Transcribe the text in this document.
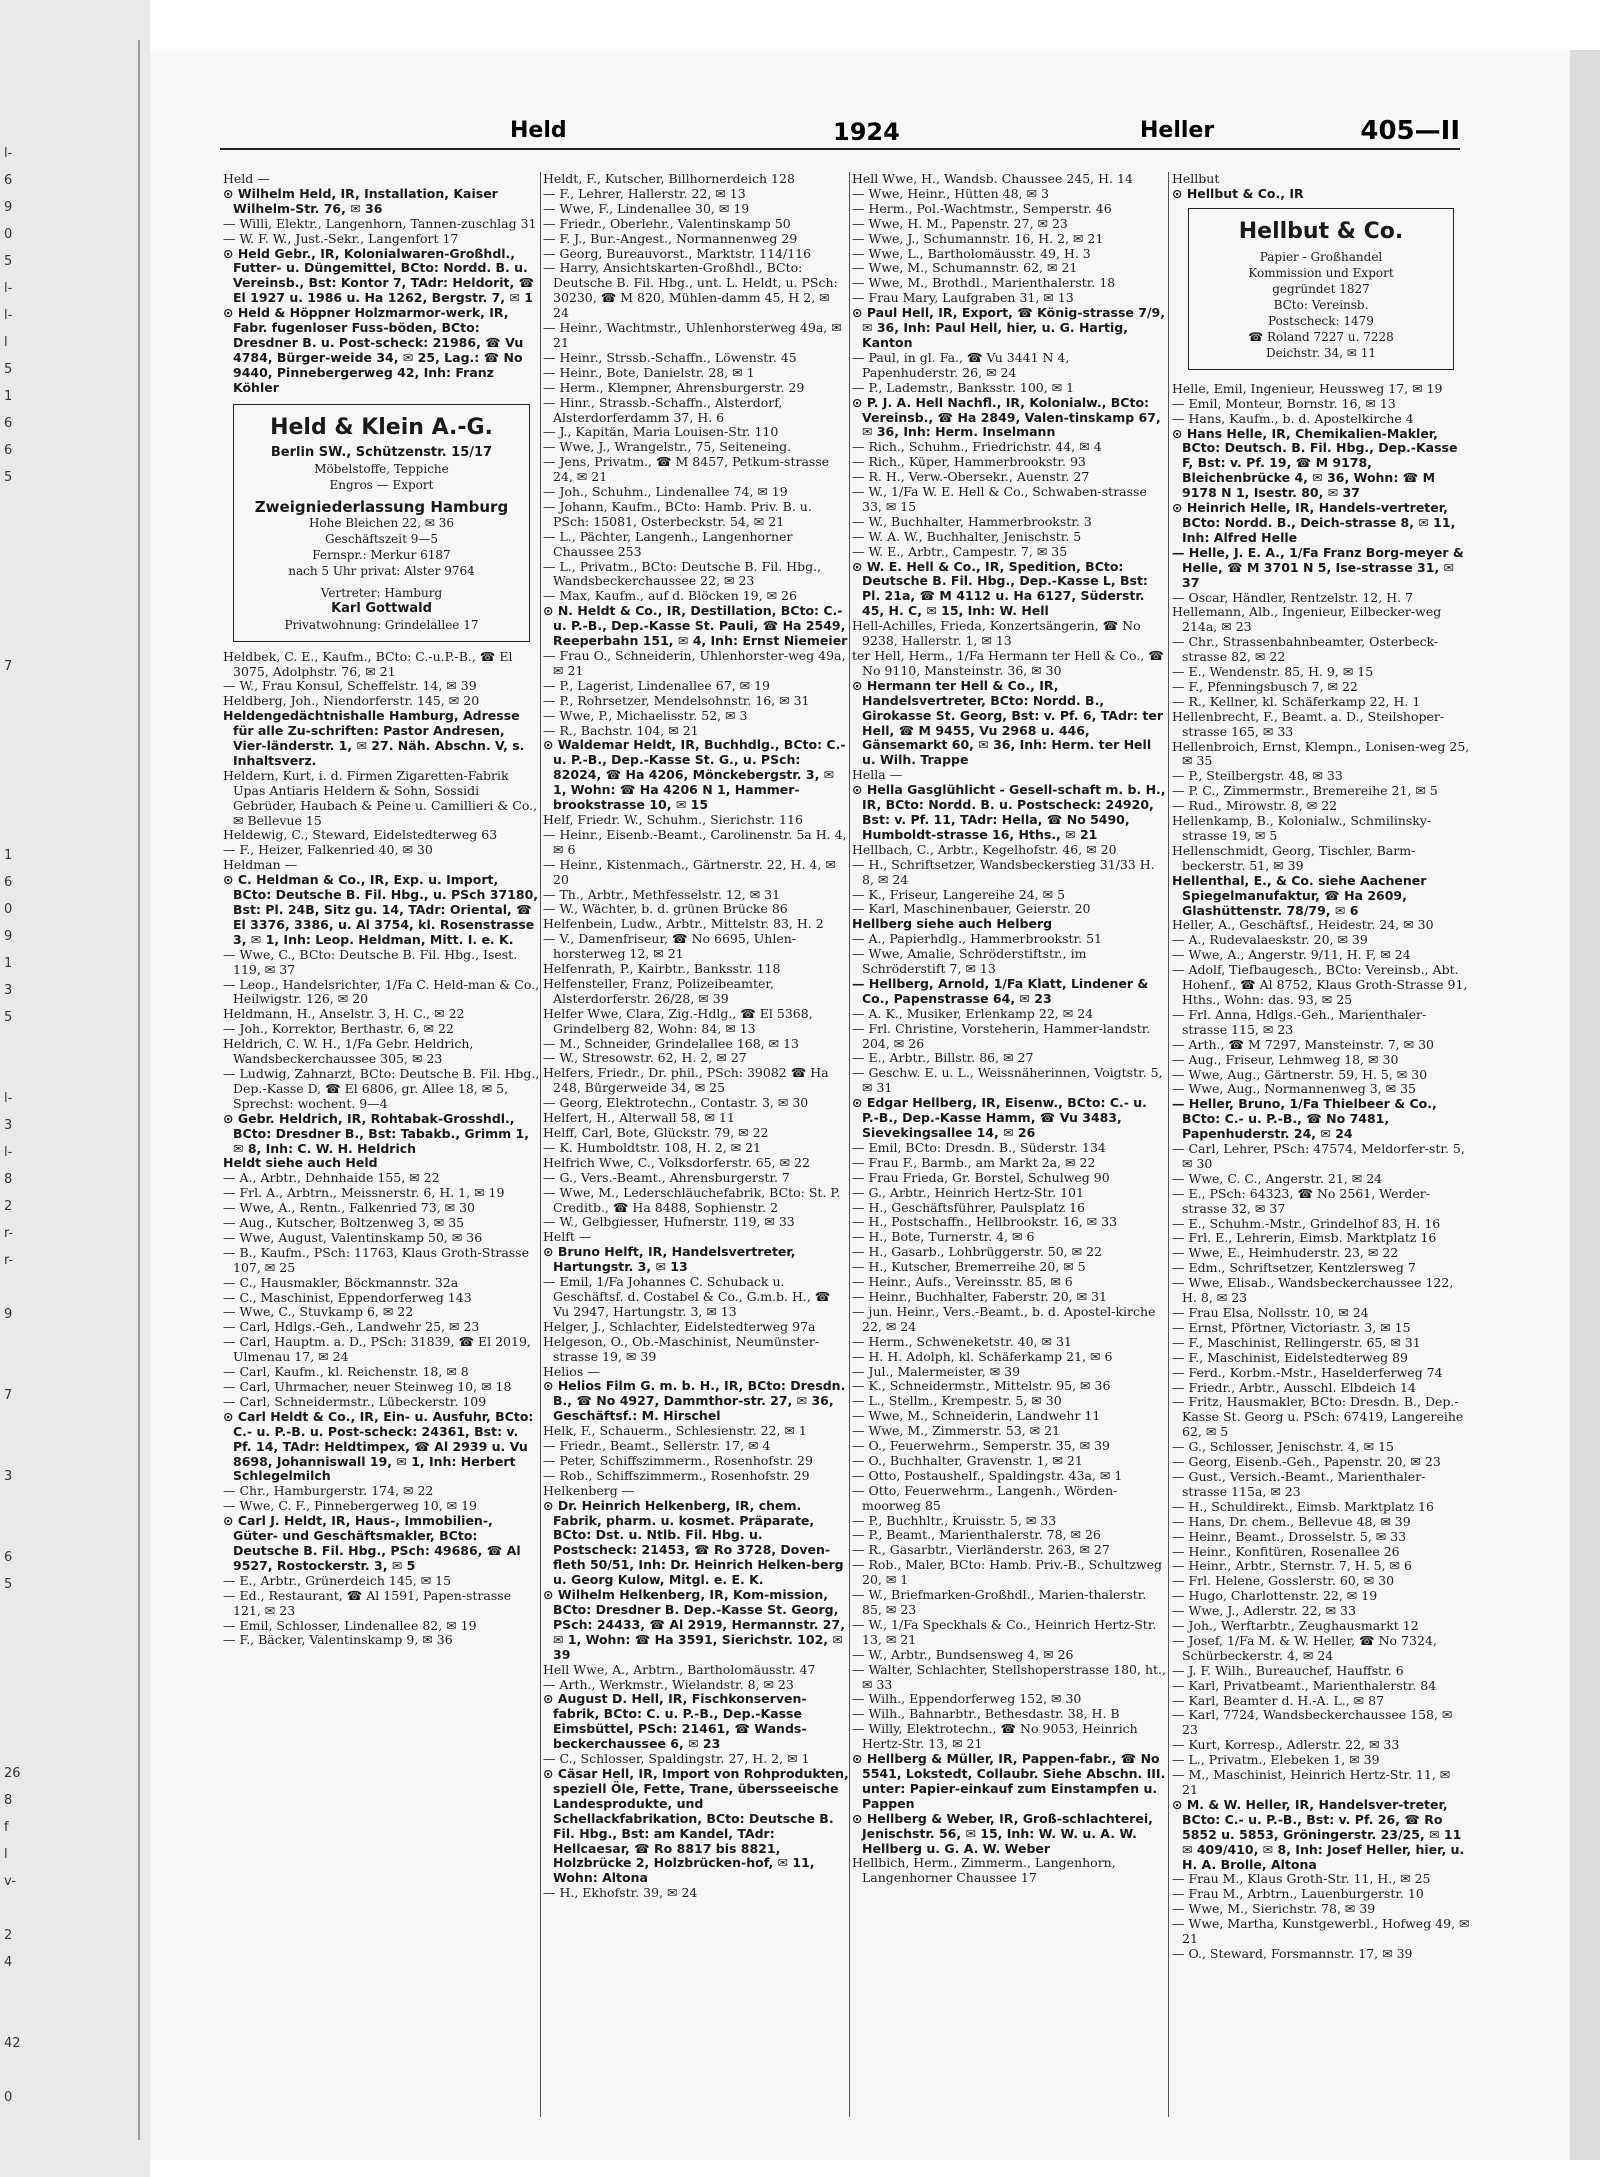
l-
6
9
0
5
l-
l-
l
5
1
6
6
5

7

1
6
0
9
1
3
5

l-
3
l-
8
2
r-
r-

9

7

3

6
5

26
8
f
l
v-

2
4

42

0
Held	1924	Heller	405—II

Held —

⊙ Wilhelm Held, IR, Installation, Kaiser Wilhelm-Str. 76, ✉ 36

— Willi, Elektr., Langenhorn, Tannen-zuschlag 31

— W. F. W., Just.-Sekr., Langenfort 17

⊙ Held Gebr., IR, Kolonialwaren-Großhdl., Futter- u. Düngemittel, BCto: Nordd. B. u. Vereinsb., Bst: Kontor 7, TAdr: Heldorit, ☎ El 1927 u. 1986 u. Ha 1262, Bergstr. 7, ✉ 1

⊙ Held & Höppner Holzmarmor-werk, IR, Fabr. fugenloser Fuss-böden, BCto: Dresdner B. u. Post-scheck: 21986, ☎ Vu 4784, Bürger-weide 34, ✉ 25, Lag.: ☎ No 9440, Pinnebergerweg 42, Inh: Franz Köhler

Held & Klein A.-G.
Berlin SW., Schützenstr. 15/17
Möbelstoffe, Teppiche
Engros — Export
Zweigniederlassung Hamburg
Hohe Bleichen 22, ✉ 36
Geschäftszeit 9—5
Fernspr.: Merkur 6187
nach 5 Uhr privat: Alster 9764
Vertreter: Hamburg
Karl Gottwald
Privatwohnung: Grindelallee 17

Heldbek, C. E., Kaufm., BCto: C.-u.P.-B., ☎ El 3075, Adolphstr. 76, ✉ 21

— W., Frau Konsul, Scheffelstr. 14, ✉ 39

Heldberg, Joh., Niendorferstr. 145, ✉ 20

Heldengedächtnishalle Hamburg, Adresse für alle Zu-schriften: Pastor Andresen, Vier-länderstr. 1, ✉ 27. Näh. Abschn. V, s. Inhaltsverz.

Heldern, Kurt, i. d. Firmen Zigaretten-Fabrik Upas Antiaris Heldern & Sohn, Sossidi Gebrüder, Haubach & Peine u. Camillieri & Co., ✉ Bellevue 15

Heldewig, C., Steward, Eidelstedterweg 63

— F., Heizer, Falkenried 40, ✉ 30

Heldman —

⊙ C. Heldman & Co., IR, Exp. u. Import, BCto: Deutsche B. Fil. Hbg., u. PSch 37180, Bst: Pl. 24B, Sitz gu. 14, TAdr: Oriental, ☎ El 3376, 3386, u. Al 3754, kl. Rosenstrasse 3, ✉ 1, Inh: Leop. Heldman, Mitt. I. e. K.

— Wwe, C., BCto: Deutsche B. Fil. Hbg., Isest. 119, ✉ 37

— Leop., Handelsrichter, 1/Fa C. Held-man & Co., Heilwigstr. 126, ✉ 20

Heldmann, H., Anselstr. 3, H. C., ✉ 22

— Joh., Korrektor, Berthastr. 6, ✉ 22

Heldrich, C. W. H., 1/Fa Gebr. Heldrich, Wandsbeckerchaussee 305, ✉ 23

— Ludwig, Zahnarzt, BCto: Deutsche B. Fil. Hbg., Dep.-Kasse D, ☎ El 6806, gr. Allee 18, ✉ 5, Sprechst: wochent. 9—4

⊙ Gebr. Heldrich, IR, Rohtabak-Grosshdl., BCto: Dresdner B., Bst: Tabakb., Grimm 1, ✉ 8, Inh: C. W. H. Heldrich

Heldt siehe auch Held

— A., Arbtr., Dehnhaide 155, ✉ 22

— Frl. A., Arbtrn., Meissnerstr. 6, H. 1, ✉ 19

— Wwe, A., Rentn., Falkenried 73, ✉ 30

— Aug., Kutscher, Boltzenweg 3, ✉ 35

— Wwe, August, Valentinskamp 50, ✉ 36

— B., Kaufm., PSch: 11763, Klaus Groth-Strasse 107, ✉ 25

— C., Hausmakler, Böckmannstr. 32a

— C., Maschinist, Eppendorferweg 143

— Wwe, C., Stuvkamp 6, ✉ 22

— Carl, Hdlgs.-Geh., Landwehr 25, ✉ 23

— Carl, Hauptm. a. D., PSch: 31839, ☎ El 2019, Ulmenau 17, ✉ 24

— Carl, Kaufm., kl. Reichenstr. 18, ✉ 8

— Carl, Uhrmacher, neuer Steinweg 10, ✉ 18

— Carl, Schneidermstr., Lübeckerstr. 109

⊙ Carl Heldt & Co., IR, Ein- u. Ausfuhr, BCto: C.- u. P.-B. u. Post-scheck: 24361, Bst: v. Pf. 14, TAdr: Heldtimpex, ☎ Al 2939 u. Vu 8698, Johanniswall 19, ✉ 1, Inh: Herbert Schlegelmilch

— Chr., Hamburgerstr. 174, ✉ 22

— Wwe, C. F., Pinnebergerweg 10, ✉ 19

⊙ Carl J. Heldt, IR, Haus-, Immobilien-, Güter- und Geschäftsmakler, BCto: Deutsche B. Fil. Hbg., PSch: 49686, ☎ Al 9527, Rostockerstr. 3, ✉ 5

— E., Arbtr., Grünerdeich 145, ✉ 15

— Ed., Restaurant, ☎ Al 1591, Papen-strasse 121, ✉ 23

— Emil, Schlosser, Lindenallee 82, ✉ 19

— F., Bäcker, Valentinskamp 9, ✉ 36

Heldt, F., Kutscher, Billhornerdeich 128

— F., Lehrer, Hallerstr. 22, ✉ 13

— Wwe, F., Lindenallee 30, ✉ 19

— Friedr., Oberlehr., Valentinskamp 50

— F. J., Bur.-Angest., Normannenweg 29

— Georg, Bureauvorst., Marktstr. 114/116

— Harry, Ansichtskarten-Großhdl., BCto: Deutsche B. Fil. Hbg., unt. L. Heldt, u. PSch: 30230, ☎ M 820, Mühlen-damm 45, H 2, ✉ 24

— Heinr., Wachtmstr., Uhlenhorsterweg 49a, ✉ 21

— Heinr., Strssb.-Schaffn., Löwenstr. 45

— Heinr., Bote, Danielstr. 28, ✉ 1

— Herm., Klempner, Ahrensburgerstr. 29

— Hinr., Strassb.-Schaffn., Alsterdorf, Alsterdorferdamm 37, H. 6

— J., Kapitän, Maria Louisen-Str. 110

— Wwe, J., Wrangelstr., 75, Seiteneing.

— Jens, Privatm., ☎ M 8457, Petkum-strasse 24, ✉ 21

— Joh., Schuhm., Lindenallee 74, ✉ 19

— Johann, Kaufm., BCto: Hamb. Priv. B. u. PSch: 15081, Osterbeckstr. 54, ✉ 21

— L., Pächter, Langenh., Langenhorner Chaussee 253

— L., Privatm., BCto: Deutsche B. Fil. Hbg., Wandsbeckerchaussee 22, ✉ 23

— Max, Kaufm., auf d. Blöcken 19, ✉ 26

⊙ N. Heldt & Co., IR, Destillation, BCto: C.-u. P.-B., Dep.-Kasse St. Pauli, ☎ Ha 2549, Reeperbahn 151, ✉ 4, Inh: Ernst Niemeier

— Frau O., Schneiderin, Uhlenhorster-weg 49a, ✉ 21

— P., Lagerist, Lindenallee 67, ✉ 19

— P., Rohrsetzer, Mendelsohnstr. 16, ✉ 31

— Wwe, P., Michaelisstr. 52, ✉ 3

— R., Bachstr. 104, ✉ 21

⊙ Waldemar Heldt, IR, Buchhdlg., BCto: C.- u. P.-B., Dep.-Kasse St. G., u. PSch: 82024, ☎ Ha 4206, Mönckebergstr. 3, ✉ 1, Wohn: ☎ Ha 4206 N 1, Hammer-brookstrasse 10, ✉ 15

Helf, Friedr. W., Schuhm., Sierichstr. 116

— Heinr., Eisenb.-Beamt., Carolinenstr. 5a H. 4, ✉ 6

— Heinr., Kistenmach., Gärtnerstr. 22, H. 4, ✉ 20

— Th., Arbtr., Methfesselstr. 12, ✉ 31

— W., Wächter, b. d. grünen Brücke 86

Helfenbein, Ludw., Arbtr., Mittelstr. 83, H. 2

— V., Damenfriseur, ☎ No 6695, Uhlen-horsterweg 12, ✉ 21

Helfenrath, P., Kairbtr., Banksstr. 118

Helfensteller, Franz, Polizeibeamter, Alsterdorferstr. 26/28, ✉ 39

Helfer Wwe, Clara, Zig.-Hdlg., ☎ El 5368, Grindelberg 82, Wohn: 84, ✉ 13

— M., Schneider, Grindelallee 168, ✉ 13

— W., Stresowstr. 62, H. 2, ✉ 27

Helfers, Friedr., Dr. phil., PSch: 39082 ☎ Ha 248, Bürgerweide 34, ✉ 25

— Georg, Elektrotechn., Contastr. 3, ✉ 30

Helfert, H., Alterwall 58, ✉ 11

Helff, Carl, Bote, Glückstr. 79, ✉ 22

— K. Humboldtstr. 108, H. 2, ✉ 21

Helfrich Wwe, C., Volksdorferstr. 65, ✉ 22

— G., Vers.-Beamt., Ahrensburgerstr. 7

— Wwe, M., Lederschläuchefabrik, BCto: St. P. Creditb., ☎ Ha 8488, Sophienstr. 2

— W., Gelbgiesser, Hufnerstr. 119, ✉ 33

Helft —

⊙ Bruno Helft, IR, Handelsvertreter, Hartungstr. 3, ✉ 13

— Emil, 1/Fa Johannes C. Schuback u. Geschäftsf. d. Costabel & Co., G.m.b. H., ☎ Vu 2947, Hartungstr. 3, ✉ 13

Helger, J., Schlachter, Eidelstedterweg 97a

Helgeson, O., Ob.-Maschinist, Neumünster-strasse 19, ✉ 39

Helios —

⊙ Helios Film G. m. b. H., IR, BCto: Dresdn. B., ☎ No 4927, Dammthor-str. 27, ✉ 36, Geschäftsf.: M. Hirschel

Helk, F., Schauerm., Schlesienstr. 22, ✉ 1

— Friedr., Beamt., Sellerstr. 17, ✉ 4

— Peter, Schiffszimmerm., Rosenhofstr. 29

— Rob., Schiffszimmerm., Rosenhofstr. 29

Helkenberg —

⊙ Dr. Heinrich Helkenberg, IR, chem. Fabrik, pharm. u. kosmet. Präparate, BCto: Dst. u. Ntlb. Fil. Hbg. u. Postscheck: 21453, ☎ Ro 3728, Doven-fleth 50/51, Inh: Dr. Heinrich Helken-berg u. Georg Kulow, Mitgl. e. E. K.

⊙ Wilhelm Helkenberg, IR, Kom-mission, BCto: Dresdner B. Dep.-Kasse St. Georg, PSch: 24433, ☎ Al 2919, Hermannstr. 27, ✉ 1, Wohn: ☎ Ha 3591, Sierichstr. 102, ✉ 39

Hell Wwe, A., Arbtrn., Bartholomäusstr. 47

— Arth., Werkmstr., Wielandstr. 8, ✉ 23

⊙ August D. Hell, IR, Fischkonserven-fabrik, BCto: C. u. P.-B., Dep.-Kasse Eimsbüttel, PSch: 21461, ☎ Wands-beckerchaussee 6, ✉ 23

— C., Schlosser, Spaldingstr. 27, H. 2, ✉ 1

⊙ Cäsar Hell, IR, Import von Rohprodukten, speziell Öle, Fette, Trane, übersseeische Landesprodukte, und Schellackfabrikation, BCto: Deutsche B. Fil. Hbg., Bst: am Kandel, TAdr: Hellcaesar, ☎ Ro 8817 bis 8821, Holzbrücke 2, Holzbrücken-hof, ✉ 11, Wohn: Altona

— H., Ekhofstr. 39, ✉ 24

Hell Wwe, H., Wandsb. Chaussee 245, H. 14

— Wwe, Heinr., Hütten 48, ✉ 3

— Herm., Pol.-Wachtmstr., Semperstr. 46

— Wwe, H. M., Papenstr. 27, ✉ 23

— Wwe, J., Schumannstr. 16, H. 2, ✉ 21

— Wwe, L., Bartholomäusstr. 49, H. 3

— Wwe, M., Schumannstr. 62, ✉ 21

— Wwe, M., Brothdl., Marienthalerstr. 18

— Frau Mary, Laufgraben 31, ✉ 13

⊙ Paul Hell, IR, Export, ☎ König-strasse 7/9, ✉ 36, Inh: Paul Hell, hier, u. G. Hartig, Kanton

— Paul, in gl. Fa., ☎ Vu 3441 N 4, Papenhuderstr. 26, ✉ 24

— P., Lademstr., Banksstr. 100, ✉ 1

⊙ P. J. A. Hell Nachfl., IR, Kolonialw., BCto: Vereinsb., ☎ Ha 2849, Valen-tinskamp 67, ✉ 36, Inh: Herm. Inselmann

— Rich., Schuhm., Friedrichstr. 44, ✉ 4

— Rich., Küper, Hammerbrookstr. 93

— R. H., Verw.-Obersekr., Auenstr. 27

— W., 1/Fa W. E. Hell & Co., Schwaben-strasse 33, ✉ 15

— W., Buchhalter, Hammerbrookstr. 3

— W. A. W., Buchhalter, Jenischstr. 5

— W. E., Arbtr., Campestr. 7, ✉ 35

⊙ W. E. Hell & Co., IR, Spedition, BCto: Deutsche B. Fil. Hbg., Dep.-Kasse L, Bst: Pl. 21a, ☎ M 4112 u. Ha 6127, Süderstr. 45, H. C, ✉ 15, Inh: W. Hell

Hell-Achilles, Frieda, Konzertsängerin, ☎ No 9238, Hallerstr. 1, ✉ 13

ter Hell, Herm., 1/Fa Hermann ter Hell & Co., ☎ No 9110, Mansteinstr. 36, ✉ 30

⊙ Hermann ter Hell & Co., IR, Handelsvertreter, BCto: Nordd. B., Girokasse St. Georg, Bst: v. Pf. 6, TAdr: ter Hell, ☎ M 9455, Vu 2968 u. 446, Gänsemarkt 60, ✉ 36, Inh: Herm. ter Hell u. Wilh. Trappe

Hella —

⊙ Hella Gasglühlicht - Gesell-schaft m. b. H., IR, BCto: Nordd. B. u. Postscheck: 24920, Bst: v. Pf. 11, TAdr: Hella, ☎ No 5490, Humboldt-strasse 16, Hths., ✉ 21

Hellbach, C., Arbtr., Kegelhofstr. 46, ✉ 20

— H., Schriftsetzer, Wandsbeckerstieg 31/33 H. 8, ✉ 24

— K., Friseur, Langereihe 24, ✉ 5

— Karl, Maschinenbauer, Geierstr. 20

Hellberg siehe auch Helberg

— A., Papierhdlg., Hammerbrookstr. 51

— Wwe, Amalie, Schröderstiftstr., im Schröderstift 7, ✉ 13

— Hellberg, Arnold, 1/Fa Klatt, Lindener & Co., Papenstrasse 64, ✉ 23

— A. K., Musiker, Erlenkamp 22, ✉ 24

— Frl. Christine, Vorsteherin, Hammer-landstr. 204, ✉ 26

— E., Arbtr., Billstr. 86, ✉ 27

— Geschw. E. u. L., Weissnäherinnen, Voigtstr. 5, ✉ 31

⊙ Edgar Hellberg, IR, Eisenw., BCto: C.- u. P.-B., Dep.-Kasse Hamm, ☎ Vu 3483, Sievekingsallee 14, ✉ 26

— Emil, BCto: Dresdn. B., Süderstr. 134

— Frau F., Barmb., am Markt 2a, ✉ 22

— Frau Frieda, Gr. Borstel, Schulweg 90

— G., Arbtr., Heinrich Hertz-Str. 101

— H., Geschäftsführer, Paulsplatz 16

— H., Postschaffn., Hellbrookstr. 16, ✉ 33

— H., Bote, Turnerstr. 4, ✉ 6

— H., Gasarb., Lohbrüggerstr. 50, ✉ 22

— H., Kutscher, Bremerreihe 20, ✉ 5

— Heinr., Aufs., Vereinsstr. 85, ✉ 6

— Heinr., Buchhalter, Faberstr. 20, ✉ 31

— jun. Heinr., Vers.-Beamt., b. d. Apostel-kirche 22, ✉ 24

— Herm., Schweneketstr. 40, ✉ 31

— H. H. Adolph, kl. Schäferkamp 21, ✉ 6

— Jul., Malermeister, ✉ 39

— K., Schneidermstr., Mittelstr. 95, ✉ 36

— L., Stellm., Krempestr. 5, ✉ 30

— Wwe, M., Schneiderin, Landwehr 11

— Wwe, M., Zimmerstr. 53, ✉ 21

— O., Feuerwehrm., Semperstr. 35, ✉ 39

— O., Buchhalter, Gravenstr. 1, ✉ 21

— Otto, Postaushelf., Spaldingstr. 43a, ✉ 1

— Otto, Feuerwehrm., Langenh., Wörden-moorweg 85

— P., Buchhltr., Kruisstr. 5, ✉ 33

— P., Beamt., Marienthalerstr. 78, ✉ 26

— R., Gasarbtr., Vierländerstr. 263, ✉ 27

— Rob., Maler, BCto: Hamb. Priv.-B., Schultzweg 20, ✉ 1

— W., Briefmarken-Großhdl., Marien-thalerstr. 85, ✉ 23

— W., 1/Fa Speckhals & Co., Heinrich Hertz-Str. 13, ✉ 21

— W., Arbtr., Bundsensweg 4, ✉ 26

— Walter, Schlachter, Stellshoperstrasse 180, ht., ✉ 33

— Wilh., Eppendorferweg 152, ✉ 30

— Wilh., Bahnarbtr., Bethesdastr. 38, H. B

— Willy, Elektrotechn., ☎ No 9053, Heinrich Hertz-Str. 13, ✉ 21

⊙ Hellberg & Müller, IR, Pappen-fabr., ☎ No 5541, Lokstedt, Collaubr. Siehe Abschn. III. unter: Papier-einkauf zum Einstampfen u. Pappen

⊙ Hellberg & Weber, IR, Groß-schlachterei, Jenischstr. 56, ✉ 15, Inh: W. W. u. A. W. Hellberg u. G. A. W. Weber

Hellbich, Herm., Zimmerm., Langenhorn, Langenhorner Chaussee 17

Hellbut
⊙ Hellbut & Co., IR
Hellbut & Co.
Papier - Großhandel
Kommission und Export
gegründet 1827
BCto: Vereinsb.
Postscheck: 1479
☎ Roland 7227 u. 7228
Deichstr. 34, ✉ 11

Helle, Emil, Ingenieur, Heussweg 17, ✉ 19

— Emil, Monteur, Bornstr. 16, ✉ 13

— Hans, Kaufm., b. d. Apostelkirche 4

⊙ Hans Helle, IR, Chemikalien-Makler, BCto: Deutsch. B. Fil. Hbg., Dep.-Kasse F, Bst: v. Pf. 19, ☎ M 9178, Bleichenbrücke 4, ✉ 36, Wohn: ☎ M 9178 N 1, Isestr. 80, ✉ 37

⊙ Heinrich Helle, IR, Handels-vertreter, BCto: Nordd. B., Deich-strasse 8, ✉ 11, Inh: Alfred Helle

— Helle, J. E. A., 1/Fa Franz Borg-meyer & Helle, ☎ M 3701 N 5, Ise-strasse 31, ✉ 37

— Oscar, Händler, Rentzelstr. 12, H. 7

Hellemann, Alb., Ingenieur, Eilbecker-weg 214a, ✉ 23

— Chr., Strassenbahnbeamter, Osterbeck-strasse 82, ✉ 22

— E., Wendenstr. 85, H. 9, ✉ 15

— F., Pfenningsbusch 7, ✉ 22

— R., Kellner, kl. Schäferkamp 22, H. 1

Hellenbrecht, F., Beamt. a. D., Steilshoper-strasse 165, ✉ 33

Hellenbroich, Ernst, Klempn., Lonisen-weg 25, ✉ 35

— P., Steilbergstr. 48, ✉ 33

— P. C., Zimmermstr., Bremereihe 21, ✉ 5

— Rud., Mirowstr. 8, ✉ 22

Hellenkamp, B., Kolonialw., Schmilinsky-strasse 19, ✉ 5

Hellenschmidt, Georg, Tischler, Barm-beckerstr. 51, ✉ 39

Hellenthal, E., & Co. siehe Aachener Spiegelmanufaktur, ☎ Ha 2609, Glashüttenstr. 78/79, ✉ 6

Heller, A., Geschäftsf., Heidestr. 24, ✉ 30

— A., Rudevalaeskstr. 20, ✉ 39

— Wwe, A., Angerstr. 9/11, H. F, ✉ 24

— Adolf, Tiefbaugesch., BCto: Vereinsb., Abt. Hohenf., ☎ Al 8752, Klaus Groth-Strasse 91, Hths., Wohn: das. 93, ✉ 25

— Frl. Anna, Hdlgs.-Geh., Marienthaler-strasse 115, ✉ 23

— Arth., ☎ M 7297, Mansteinstr. 7, ✉ 30

— Aug., Friseur, Lehmweg 18, ✉ 30

— Wwe, Aug., Gärtnerstr. 59, H. 5, ✉ 30

— Wwe, Aug., Normannenweg 3, ✉ 35

— Heller, Bruno, 1/Fa Thielbeer & Co., BCto: C.- u. P.-B., ☎ No 7481, Papenhuderstr. 24, ✉ 24

— Carl, Lehrer, PSch: 47574, Meldorfer-str. 5, ✉ 30

— Wwe, C. C., Angerstr. 21, ✉ 24

— E., PSch: 64323, ☎ No 2561, Werder-strasse 32, ✉ 37

— E., Schuhm.-Mstr., Grindelhof 83, H. 16

— Frl. E., Lehrerin, Eimsb. Marktplatz 16

— Wwe, E., Heimhuderstr. 23, ✉ 22

— Edm., Schriftsetzer, Kentzlersweg 7

— Wwe, Elisab., Wandsbeckerchaussee 122, H. 8, ✉ 23

— Frau Elsa, Nollsstr. 10, ✉ 24

— Ernst, Pförtner, Victoriastr. 3, ✉ 15

— F., Maschinist, Rellingerstr. 65, ✉ 31

— F., Maschinist, Eidelstedterweg 89

— Ferd., Korbm.-Mstr., Haselderferweg 74

— Friedr., Arbtr., Ausschl. Elbdeich 14

— Fritz, Hausmakler, BCto: Dresdn. B., Dep.-Kasse St. Georg u. PSch: 67419, Langereihe 62, ✉ 5

— G., Schlosser, Jenischstr. 4, ✉ 15

— Georg, Eisenb.-Geh., Papenstr. 20, ✉ 23

— Gust., Versich.-Beamt., Marienthaler-strasse 115a, ✉ 23

— H., Schuldirekt., Eimsb. Marktplatz 16

— Hans, Dr. chem., Bellevue 48, ✉ 39

— Heinr., Beamt., Drosselstr. 5, ✉ 33

— Heinr., Konfitüren, Rosenallee 26

— Heinr., Arbtr., Sternstr. 7, H. 5, ✉ 6

— Frl. Helene, Gosslerstr. 60, ✉ 30

— Hugo, Charlottenstr. 22, ✉ 19

— Wwe, J., Adlerstr. 22, ✉ 33

— Joh., Werftarbtr., Zeughausmarkt 12

— Josef, 1/Fa M. & W. Heller, ☎ No 7324, Schürbeckerstr. 4, ✉ 24

— J. F. Wilh., Bureauchef, Hauffstr. 6

— Karl, Privatbeamt., Marienthalerstr. 84

— Karl, Beamter d. H.-A. L., ✉ 87

— Karl, 7724, Wandsbeckerchaussee 158, ✉ 23

— Kurt, Korresp., Adlerstr. 22, ✉ 33

— L., Privatm., Elebeken 1, ✉ 39

— M., Maschinist, Heinrich Hertz-Str. 11, ✉ 21

⊙ M. & W. Heller, IR, Handelsver-treter, BCto: C.- u. P.-B., Bst: v. Pf. 26, ☎ Ro 5852 u. 5853, Gröningerstr. 23/25, ✉ 11 ✉ 409/410, ✉ 8, Inh: Josef Heller, hier, u. H. A. Brolle, Altona

— Frau M., Klaus Groth-Str. 11, H., ✉ 25

— Frau M., Arbtrn., Lauenburgerstr. 10

— Wwe, M., Sierichstr. 78, ✉ 39

— Wwe, Martha, Kunstgewerbl., Hofweg 49, ✉ 21

— O., Steward, Forsmannstr. 17, ✉ 39
